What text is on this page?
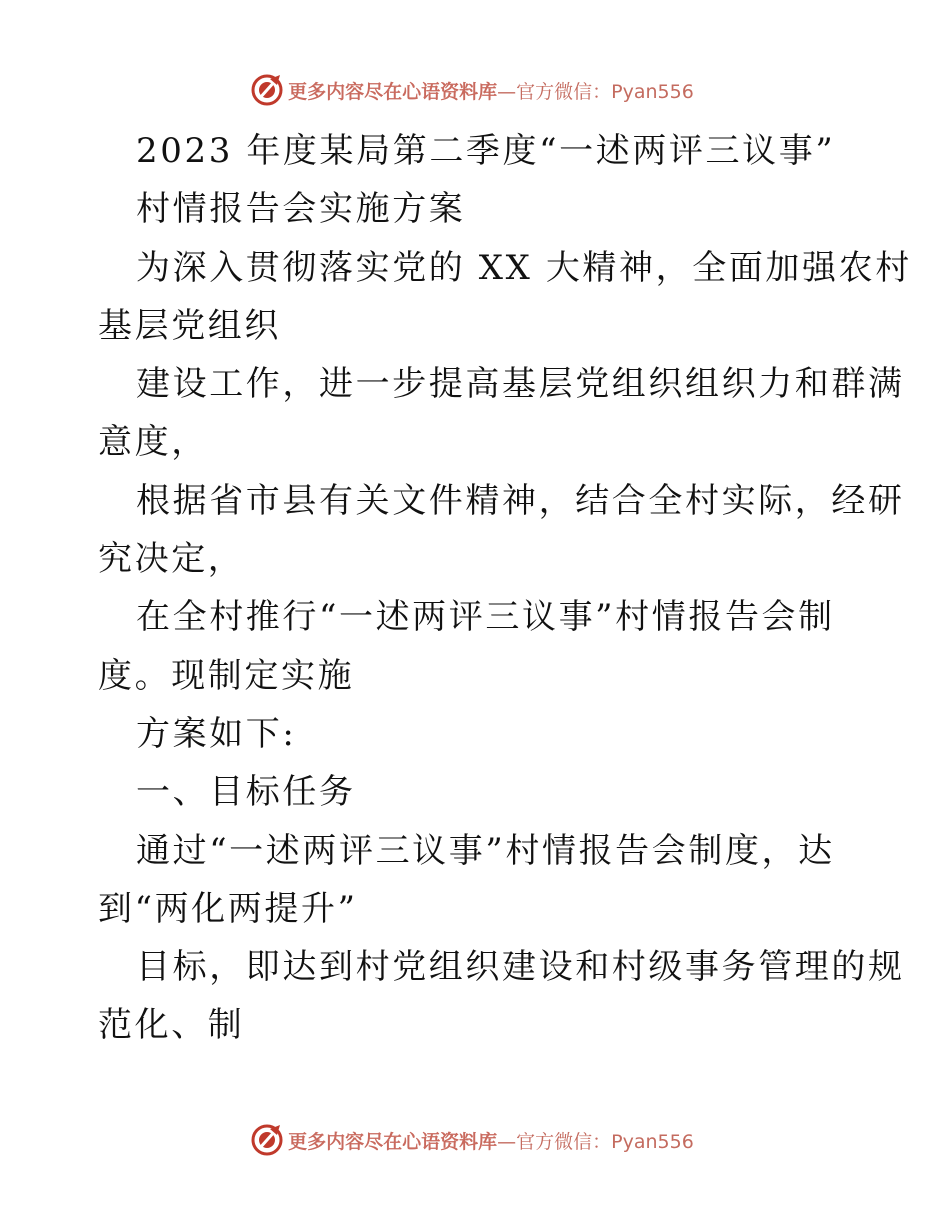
更多内容尽在心语资料库—官方微信：Pyan556
2023 年度某局第二季度“一述两评三议事”
村情报告会实施方案
为深入贯彻落实党的 XX 大精神，全面加强农村
基层党组织
建设工作，进一步提高基层党组织组织力和群满
意度，
根据省市县有关文件精神，结合全村实际，经研
究决定，
在全村推行“一述两评三议事”村情报告会制
度。现制定实施
方案如下:
一、目标任务
通过“一述两评三议事”村情报告会制度，达
到“两化两提升”
目标，即达到村党组织建设和村级事务管理的规
范化、制
更多内容尽在心语资料库—官方微信：Pyan556
